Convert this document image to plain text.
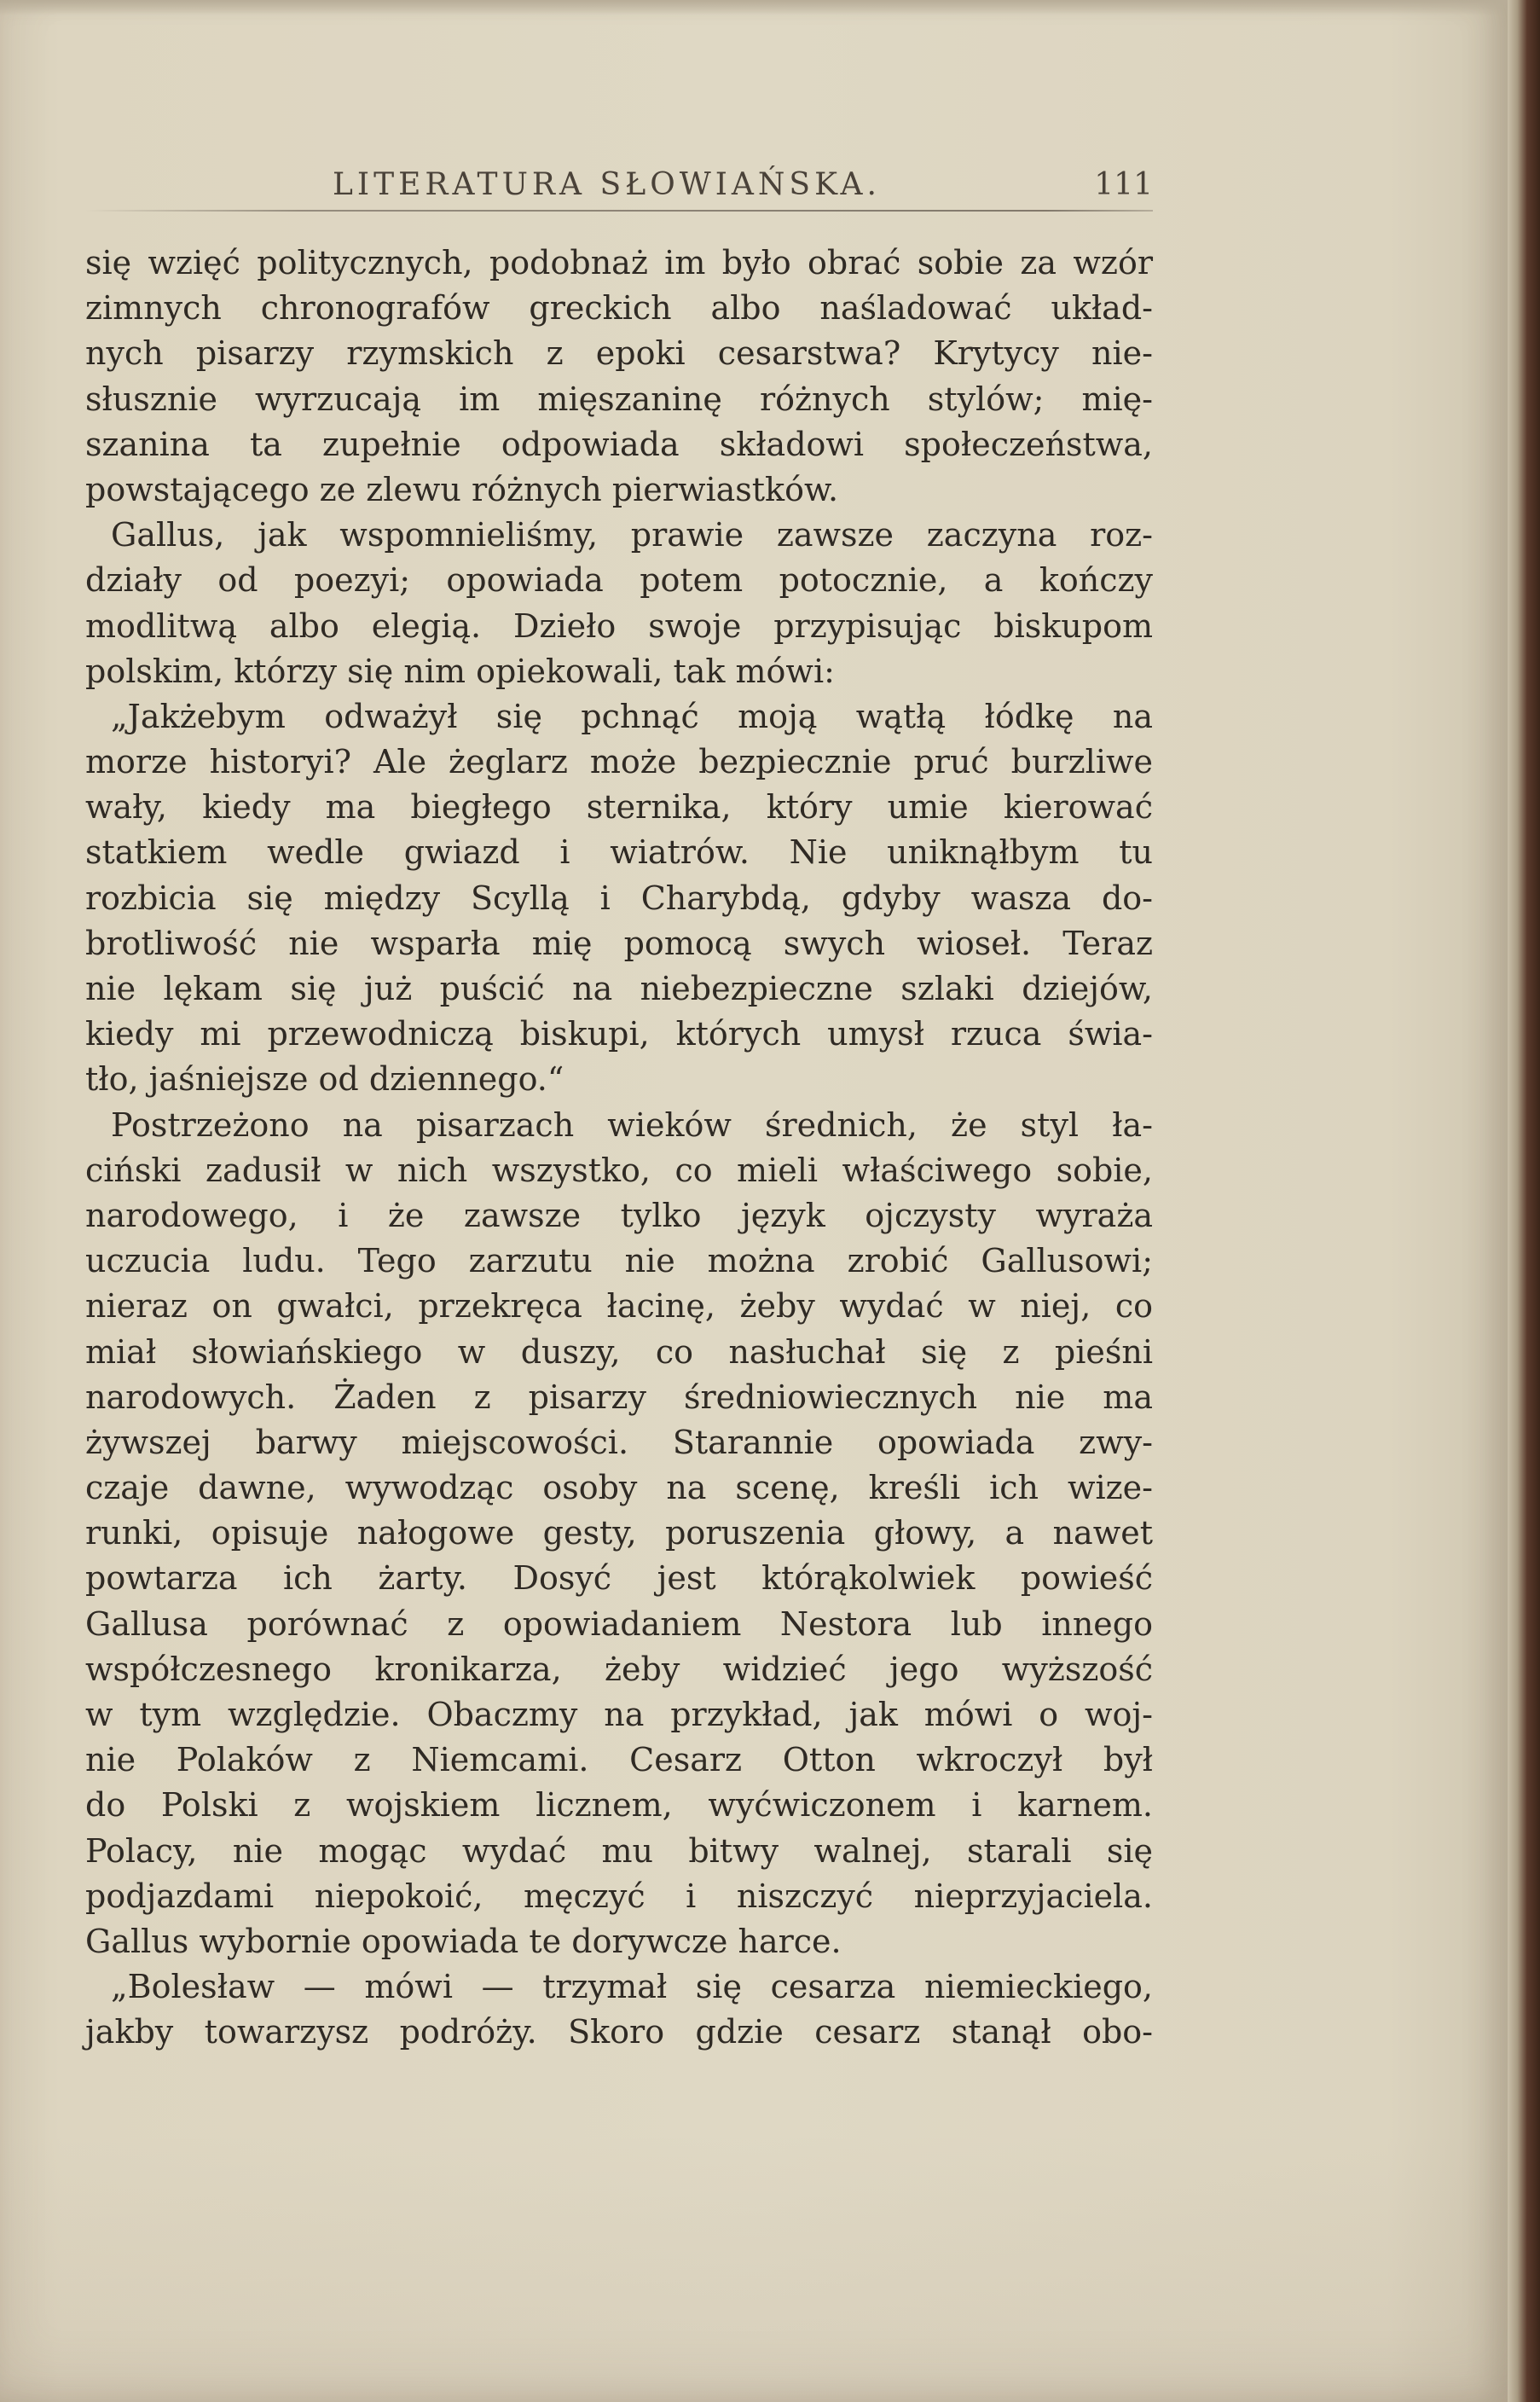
LITERATURA SŁOWIAŃSKA.	111
się wzięć politycznych, podobnaż im było obrać sobie za wzór
zimnych chronografów greckich albo naśladować układ-
nych pisarzy rzymskich z epoki cesarstwa? Krytycy nie-
słusznie wyrzucają im mięszaninę różnych stylów; mię-
szanina ta zupełnie odpowiada składowi społeczeństwa,
powstającego ze zlewu różnych pierwiastków.
Gallus, jak wspomnieliśmy, prawie zawsze zaczyna roz-
działy od poezyi; opowiada potem potocznie, a kończy
modlitwą albo elegią. Dzieło swoje przypisując biskupom
polskim, którzy się nim opiekowali, tak mówi:
„Jakżebym odważył się pchnąć moją wątłą łódkę na
morze historyi? Ale żeglarz może bezpiecznie pruć burzliwe
wały, kiedy ma biegłego sternika, który umie kierować
statkiem wedle gwiazd i wiatrów. Nie uniknąłbym tu
rozbicia się między Scyllą i Charybdą, gdyby wasza do-
brotliwość nie wsparła mię pomocą swych wioseł. Teraz
nie lękam się już puścić na niebezpieczne szlaki dziejów,
kiedy mi przewodniczą biskupi, których umysł rzuca świa-
tło, jaśniejsze od dziennego.“
Postrzeżono na pisarzach wieków średnich, że styl ła-
ciński zadusił w nich wszystko, co mieli właściwego sobie,
narodowego, i że zawsze tylko język ojczysty wyraża
uczucia ludu. Tego zarzutu nie można zrobić Gallusowi;
nieraz on gwałci, przekręca łacinę, żeby wydać w niej, co
miał słowiańskiego w duszy, co nasłuchał się z pieśni
narodowych. Żaden z pisarzy średniowiecznych nie ma
żywszej barwy miejscowości. Starannie opowiada zwy-
czaje dawne, wywodząc osoby na scenę, kreśli ich wize-
runki, opisuje nałogowe gesty, poruszenia głowy, a nawet
powtarza ich żarty. Dosyć jest którąkolwiek powieść
Gallusa porównać z opowiadaniem Nestora lub innego
współczesnego kronikarza, żeby widzieć jego wyższość
w tym względzie. Obaczmy na przykład, jak mówi o woj-
nie Polaków z Niemcami. Cesarz Otton wkroczył był
do Polski z wojskiem licznem, wyćwiczonem i karnem.
Polacy, nie mogąc wydać mu bitwy walnej, starali się
podjazdami niepokoić, męczyć i niszczyć nieprzyjaciela.
Gallus wybornie opowiada te dorywcze harce.
„Bolesław — mówi — trzymał się cesarza niemieckiego,
jakby towarzysz podróży. Skoro gdzie cesarz stanął obo-
